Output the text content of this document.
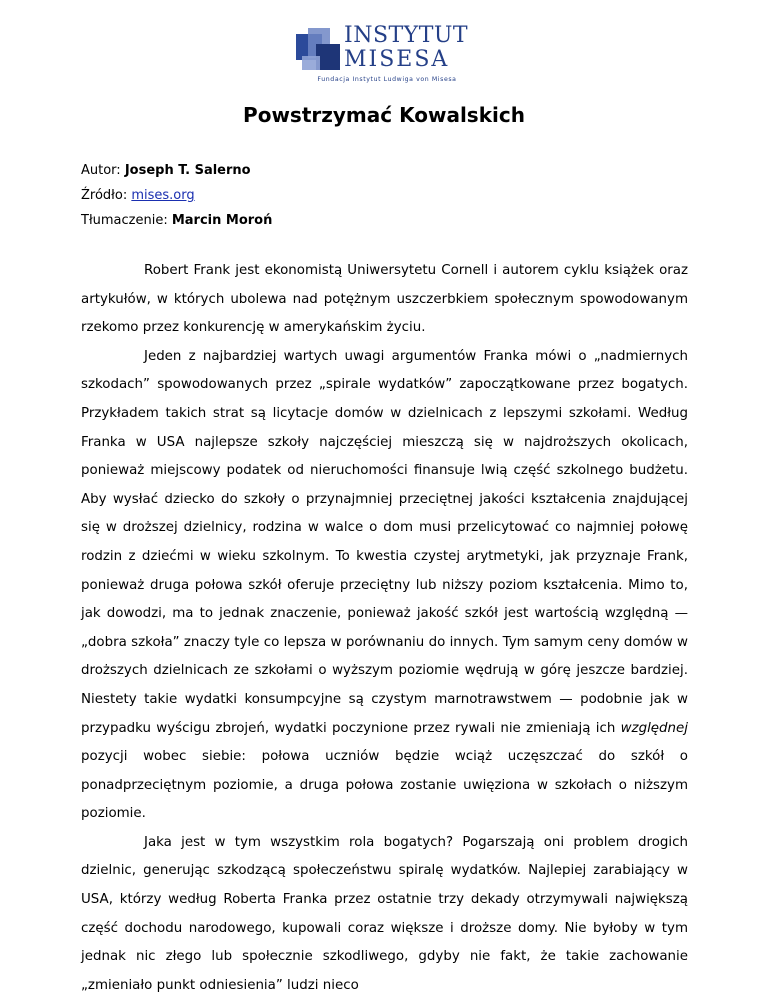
INSTYTUT
MISESA
Fundacja Instytut Ludwiga von Misesa
Powstrzymać Kowalskich
Autor: Joseph T. Salerno
Źródło: mises.org
Tłumaczenie: Marcin Moroń

Robert Frank jest ekonomistą Uniwersytetu Cornell i autorem cyklu książek oraz artykułów, w których ubolewa nad potężnym uszczerbkiem społecznym spowodowanym rzekomo przez konkurencję w amerykańskim życiu.

Jeden z najbardziej wartych uwagi argumentów Franka mówi o „nadmiernych szkodach” spowodowanych przez „spirale wydatków” zapoczątkowane przez bogatych. Przykładem takich strat są licytacje domów w dzielnicach z lepszymi szkołami. Według Franka w USA najlepsze szkoły najczęściej mieszczą się w najdroższych okolicach, ponieważ miejscowy podatek od nieruchomości finansuje lwią część szkolnego budżetu. Aby wysłać dziecko do szkoły o przynajmniej przeciętnej jakości kształcenia znajdującej się w droższej dzielnicy, rodzina w walce o dom musi przelicytować co najmniej połowę rodzin z dziećmi w wieku szkolnym. To kwestia czystej arytmetyki, jak przyznaje Frank, ponieważ druga połowa szkół oferuje przeciętny lub niższy poziom kształcenia. Mimo to, jak dowodzi, ma to jednak znaczenie, ponieważ jakość szkół jest wartością względną — „dobra szkoła” znaczy tyle co lepsza w porównaniu do innych. Tym samym ceny domów w droższych dzielnicach ze szkołami o wyższym poziomie wędrują w górę jeszcze bardziej. Niestety takie wydatki konsumpcyjne są czystym marnotrawstwem — podobnie jak w przypadku wyścigu zbrojeń, wydatki poczynione przez rywali nie zmieniają ich względnej pozycji wobec siebie: połowa uczniów będzie wciąż uczęszczać do szkół o ponadprzeciętnym poziomie, a druga połowa zostanie uwięziona w szkołach o niższym poziomie.

Jaka jest w tym wszystkim rola bogatych? Pogarszają oni problem drogich dzielnic, generując szkodzącą społeczeństwu spiralę wydatków. Najlepiej zarabiający w USA, którzy według Roberta Franka przez ostatnie trzy dekady otrzymywali największą część dochodu narodowego, kupowali coraz większe i droższe domy. Nie byłoby w tym jednak nic złego lub społecznie szkodliwego, gdyby nie fakt, że takie zachowanie „zmieniało punkt odniesienia” ludzi nieco
